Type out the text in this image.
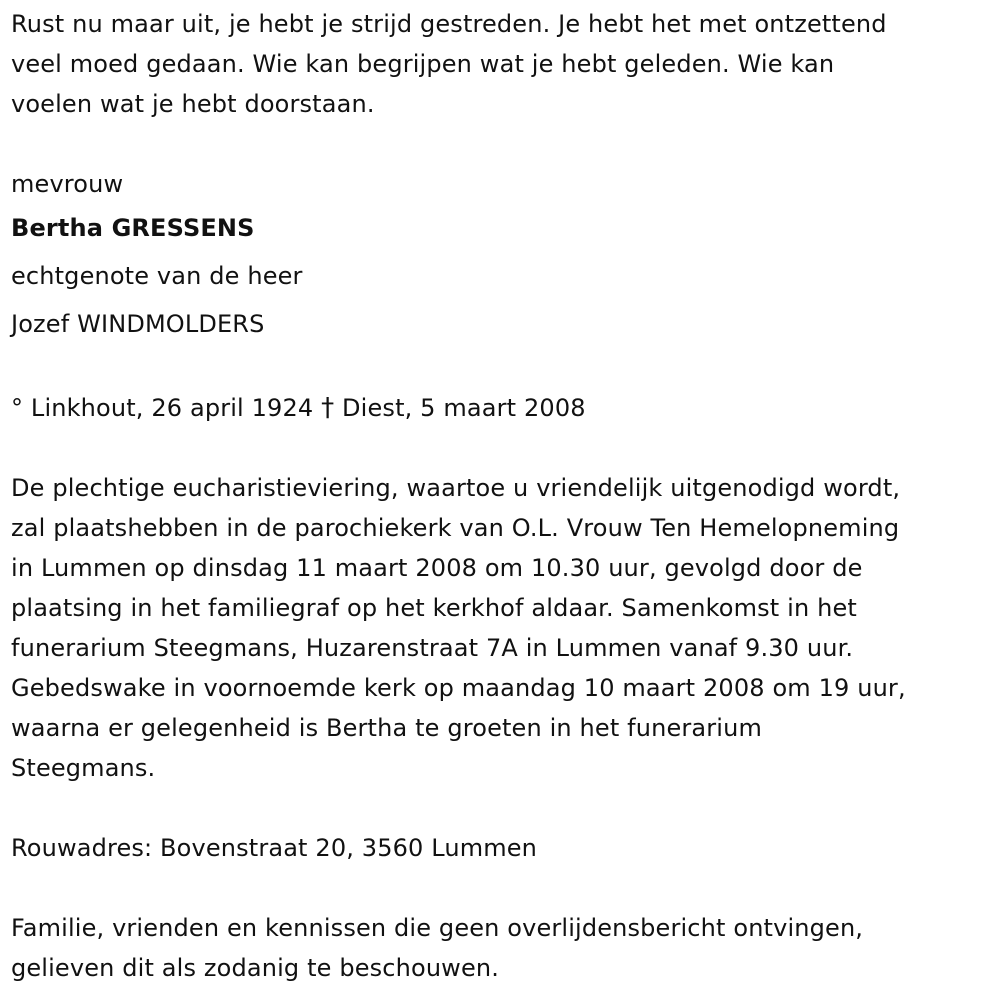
Rust nu maar uit, je hebt je strijd gestreden. Je hebt het met ontzettend
veel moed gedaan. Wie kan begrijpen wat je hebt geleden. Wie kan
voelen wat je hebt doorstaan.
mevrouw
Bertha GRESSENS
echtgenote van de heer
Jozef WINDMOLDERS
° Linkhout, 26 april 1924 † Diest, 5 maart 2008
De plechtige eucharistieviering, waartoe u vriendelijk uitgenodigd wordt,
zal plaatshebben in de parochiekerk van O.L. Vrouw Ten Hemelopneming
in Lummen op dinsdag 11 maart 2008 om 10.30 uur, gevolgd door de
plaatsing in het familiegraf op het kerkhof aldaar. Samenkomst in het
funerarium Steegmans, Huzarenstraat 7A in Lummen vanaf 9.30 uur.
Gebedswake in voornoemde kerk op maandag 10 maart 2008 om 19 uur,
waarna er gelegenheid is Bertha te groeten in het funerarium
Steegmans.
Rouwadres: Bovenstraat 20, 3560 Lummen
Familie, vrienden en kennissen die geen overlijdensbericht ontvingen,
gelieven dit als zodanig te beschouwen.
